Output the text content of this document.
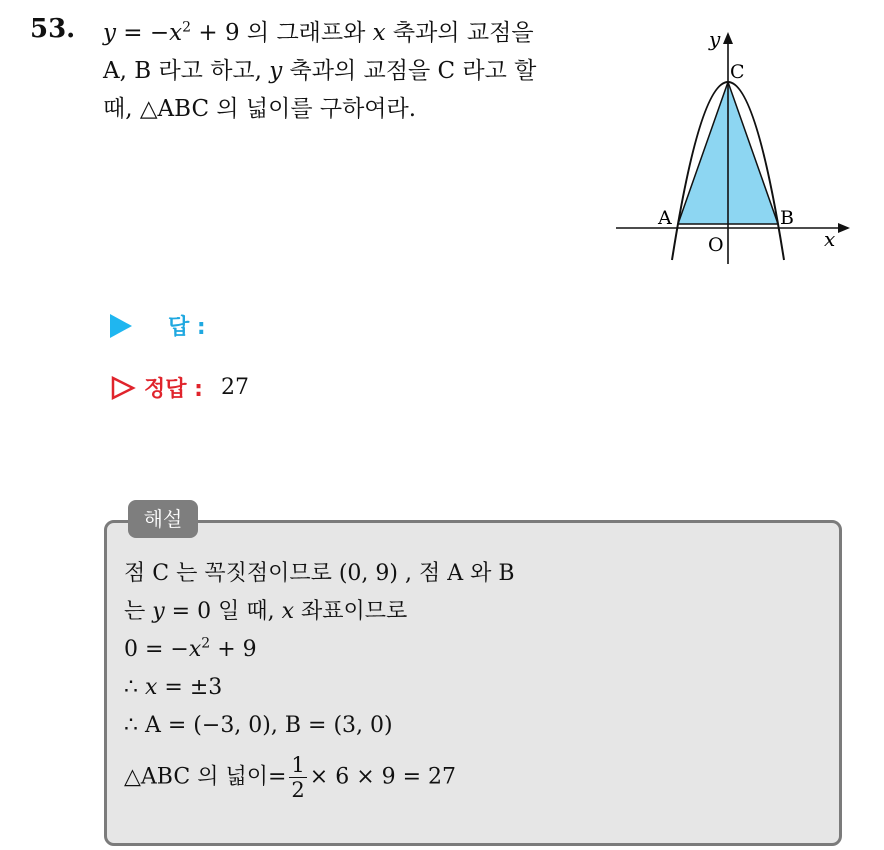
53. $y = -x^2 + 9$ 의 그래프와 x 축과의 교점을
A, B 라고 하고, y 축과의 교점을 C 라고 할
때, △ABC 의 넓이를 구하여라.
y
x
O
A	B
C
답 :
정답 : 27
해설
점 C 는 꼭짓점이므로 (0, 9) , 점 A 와 B
는 y = 0 일 때, x 좌표이므로
$0 = -x^2 + 9$
∴ x = ±3
∴ A = (−3, 0), B = (3, 0)
△ABC 의 넓이= $\frac{1}{2} \times 6 \times 9 = 27$
